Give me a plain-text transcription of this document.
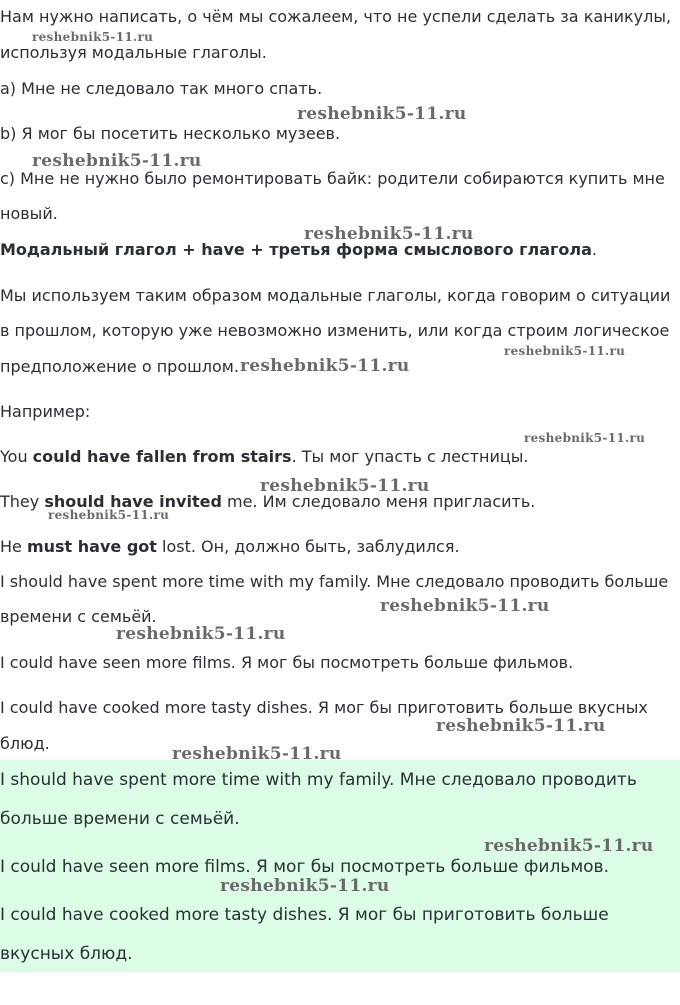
Нам нужно написать, о чём мы сожалеем, что не успели сделать за каникулы,

используя модальные глаголы.

a) Мне не следовало так много спать.

b) Я мог бы посетить несколько музеев.

c) Мне не нужно было ремонтировать байк: родители собираются купить мне

новый.

Модальный глагол + have + третья форма смыслового глагола.

Мы используем таким образом модальные глаголы, когда говорим о ситуации

в прошлом, которую уже невозможно изменить, или когда строим логическое

предположение о прошлом.

Например:

You could have fallen from stairs. Ты мог упасть с лестницы.

They should have invited me. Им следовало меня пригласить.

He must have got lost. Он, должно быть, заблудился.

I should have spent more time with my family. Мне следовало проводить больше

времени с семьёй.

I could have seen more films. Я мог бы посмотреть больше фильмов.

I could have cooked more tasty dishes. Я мог бы приготовить больше вкусных

блюд.

I should have spent more time with my family. Мне следовало проводить

больше времени с семьёй.

I could have seen more films. Я мог бы посмотреть больше фильмов.

I could have cooked more tasty dishes. Я мог бы приготовить больше

вкусных блюд.

reshebnik5-11.ru
reshebnik5-11.ru
reshebnik5-11.ru
reshebnik5-11.ru
reshebnik5-11.ru
reshebnik5-11.ru
reshebnik5-11.ru
reshebnik5-11.ru
reshebnik5-11.ru
reshebnik5-11.ru
reshebnik5-11.ru
reshebnik5-11.ru
reshebnik5-11.ru
reshebnik5-11.ru
reshebnik5-11.ru
